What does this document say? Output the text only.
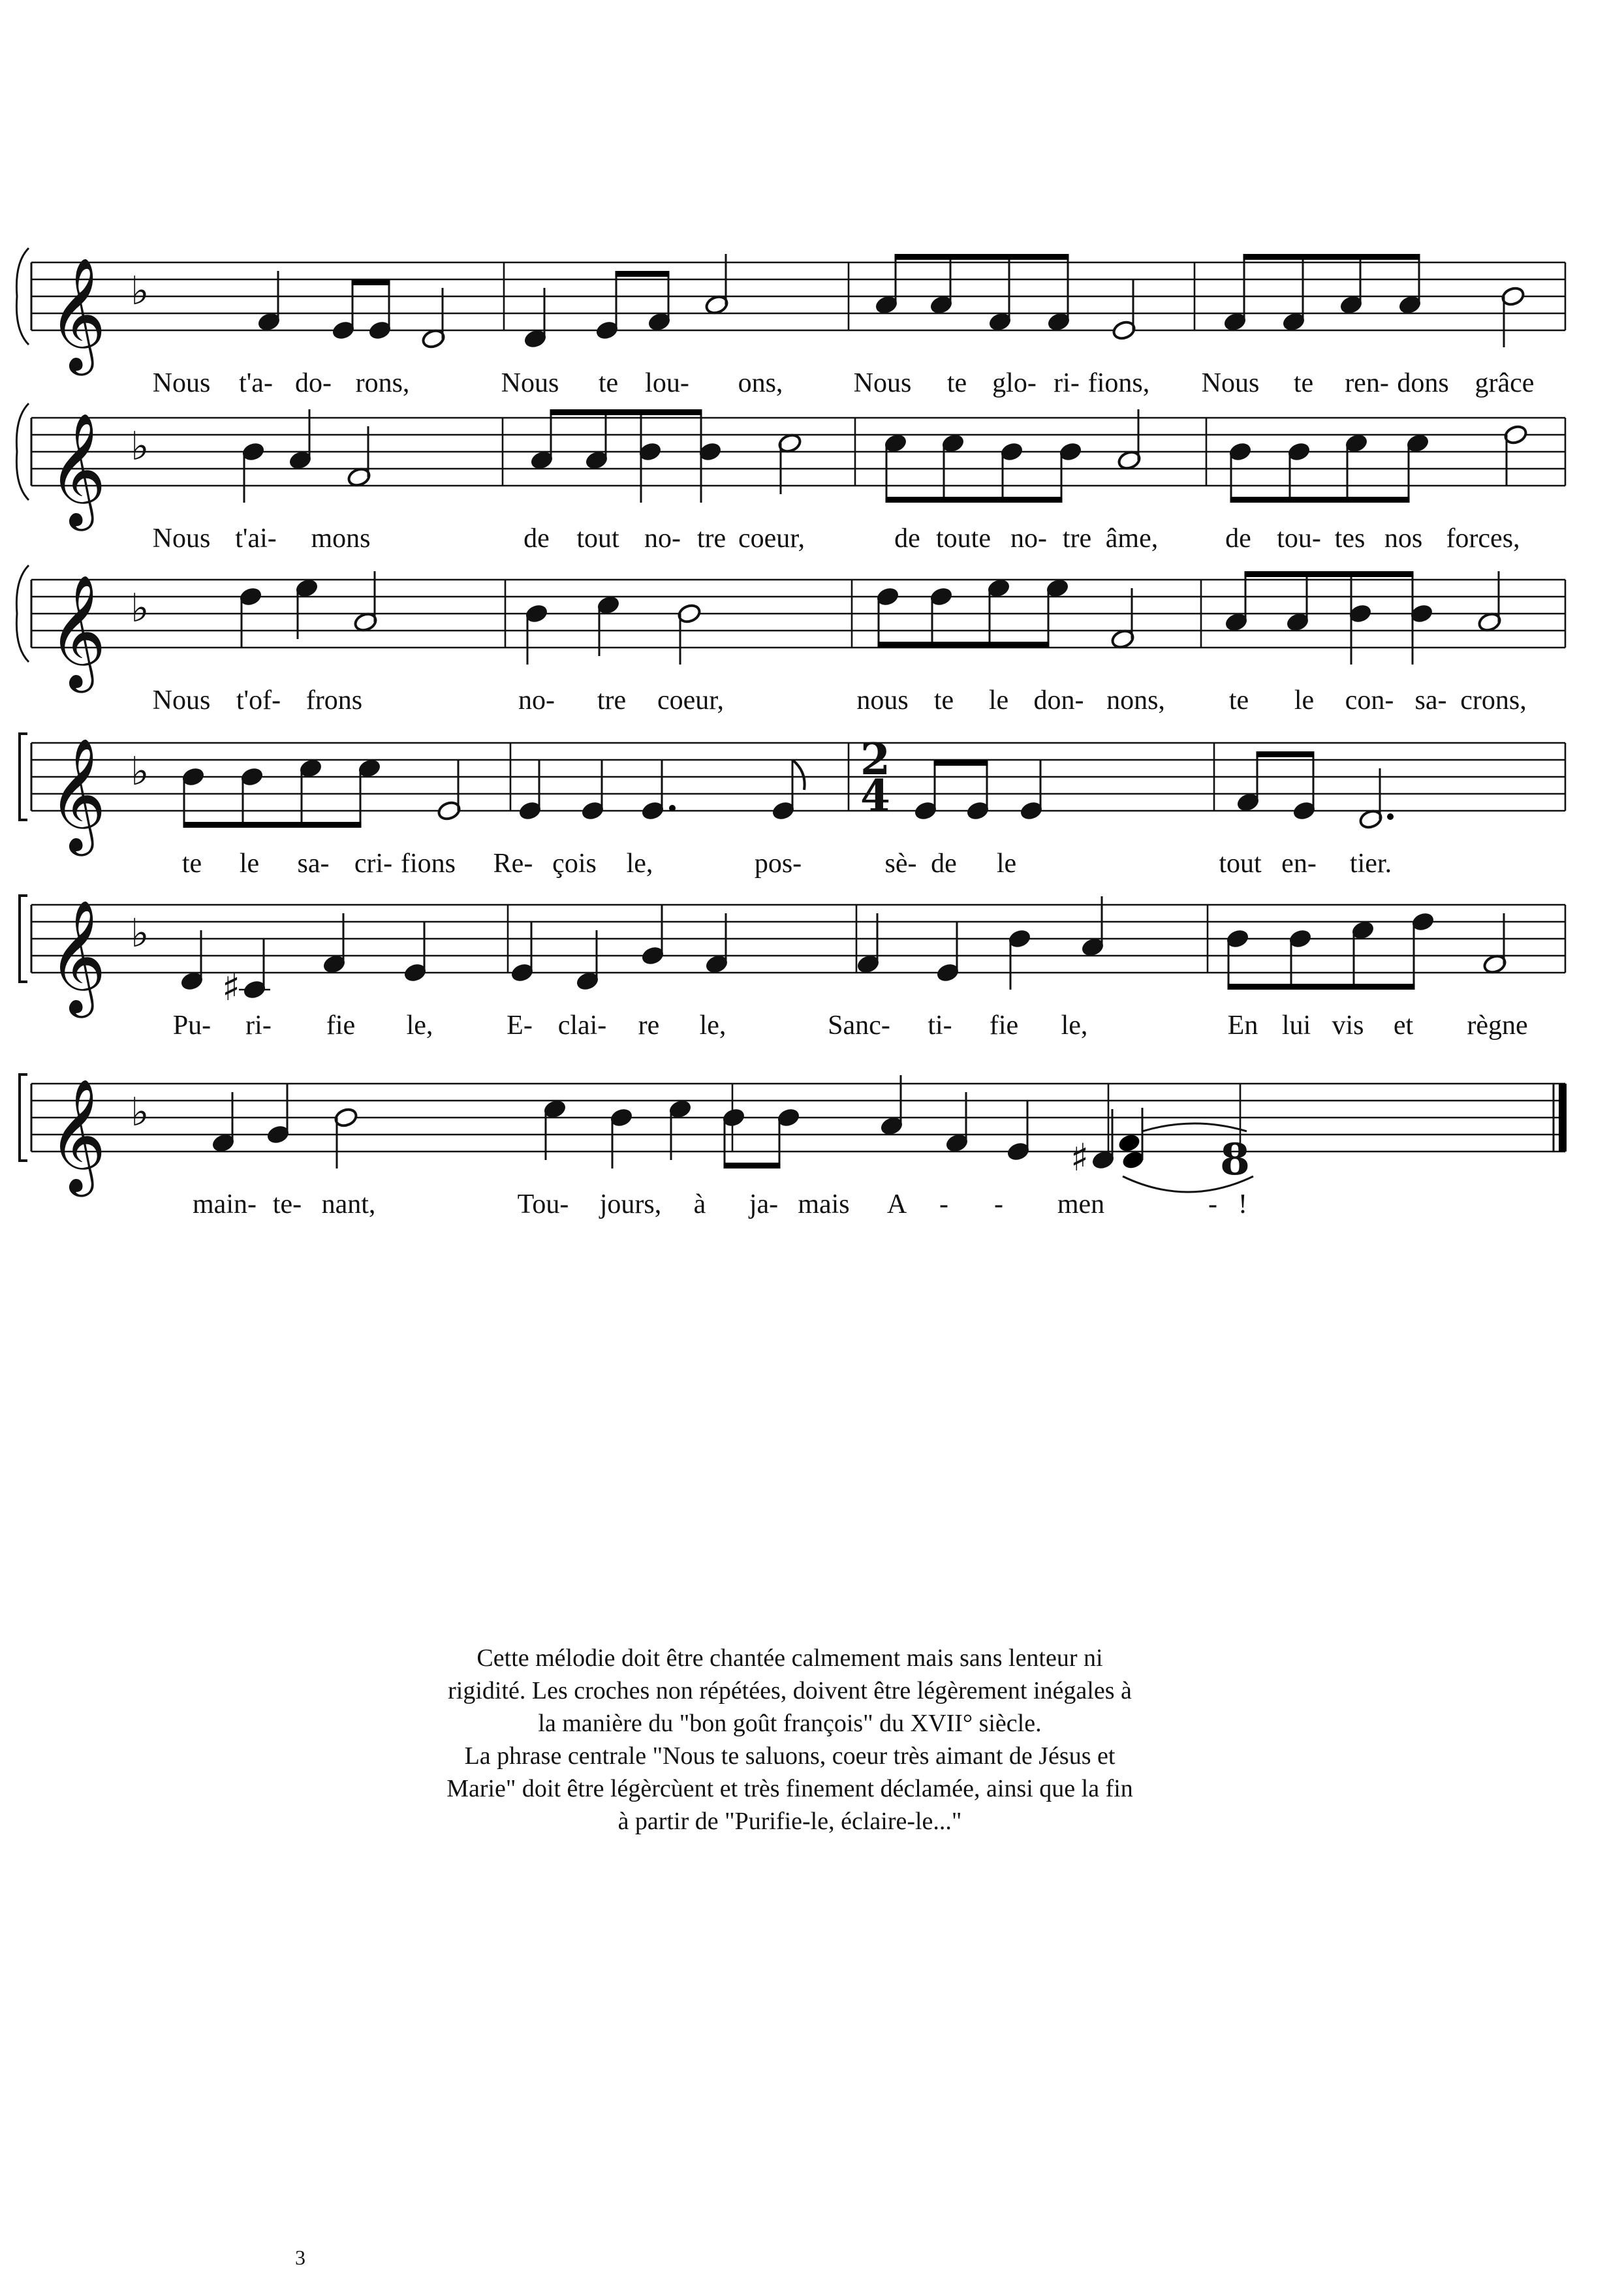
𝄞 ♭
Nous t'a- do- rons,	Nous te lou- ons,	Nous te glo- ri- fions, Nous te ren- dons grâce
𝄞 ♭
Nous t'ai- mons	de tout no- tre coeur,	de toute no- tre âme, de tou- tes nos forces,
𝄞 ♭
Nous t'of- frons	no- tre coeur,	nous te le don- nons, te le con- sa- crons,
𝄞 ♭	2
4
te le sa- cri- fions Re- çois le,	pos-	sè- de le	tout en- tier.
𝄞 ♭
♯
Pu- ri- fie le,	E- clai- re le,	Sanc- ti- fie le,	En lui vis et règne
𝄞 ♭
♯	8
main- te- nant,	Tou- jours, à ja- mais A - - men	- !

Cette mélodie doit être chantée calmement mais sans lenteur ni

rigidité. Les croches non répétées, doivent être légèrement inégales à

la manière du "bon goût françois" du XVII° siècle.

La phrase centrale "Nous te saluons, coeur très aimant de Jésus et

Marie" doit être légèrcùent et très finement déclamée, ainsi que la fin

à partir de "Purifie-le, éclaire-le..."

3
